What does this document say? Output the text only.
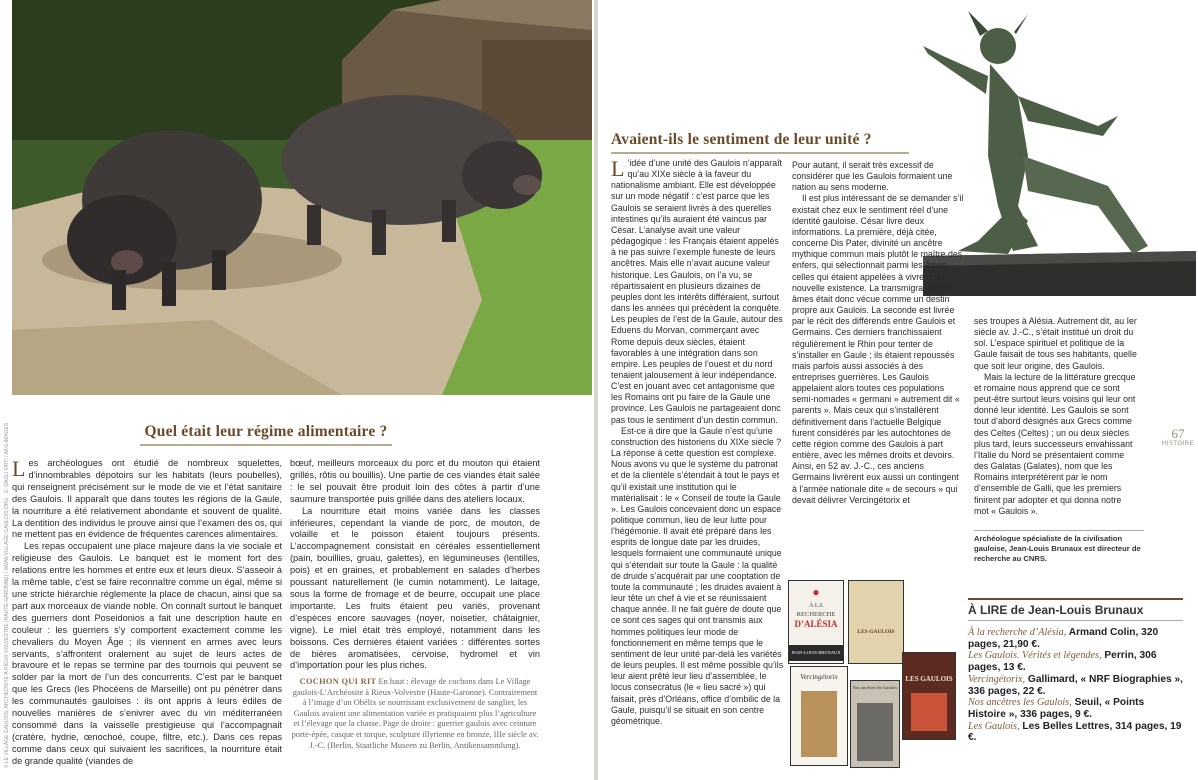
© LE VILLAGE GAULOIS, ARCHÉOSITE À RIEUX-VOLVESTRE (HAUTE-GARONNE) / WWW.VILLAGE-GAULOIS.ORG · G. DAGLI ORTI / AKG-IMAGES	Quel était leur régime alimentaire ?

Les archéologues ont étudié de nombreux squelettes, d’innombrables dépotoirs sur les habitats (leurs poubelles), qui renseignent précisément sur le mode de vie et l’état sanitaire des Gaulois. Il apparaît que dans toutes les régions de la Gaule, la nourriture a été relativement abondante et souvent de qualité. La dentition des individus le prouve ainsi que l’examen des os, qui ne mettent pas en évidence de fréquentes carences alimentaires.

Les repas occupaient une place majeure dans la vie sociale et religieuse des Gaulois. Le banquet est le moment fort des relations entre les hommes et entre eux et leurs dieux. S’asseoir à la même table, c’est se faire reconnaître comme un égal, même si une stricte hiérarchie réglemente la place de chacun, ainsi que sa part aux morceaux de viande noble. On connaît surtout le banquet des guerriers dont Poseidonios a fait une description haute en couleur : les guerriers s’y comportent exactement comme les chevaliers du Moyen Âge ; ils viennent en armes avec leurs servants, s’affrontent oralement au sujet de leurs actes de bravoure et le repas se termine par des tournois qui peuvent se solder par la mort de l’un des concurrents. C’est par le banquet que les Grecs (les Phocéens de Marseille) ont pu pénétrer dans les communautés gauloises : ils ont appris à leurs édiles de nouvelles manières de s’enivrer avec du vin méditerranéen consommé dans la vaisselle prestigieuse qui l’accompagnait (cratère, hydrie, œnochoé, coupe, filtre, etc.). Dans ces repas comme dans ceux qui suivaient les sacrifices, la nourriture était de grande qualité (viandes de

bœuf, meilleurs morceaux du porc et du mouton qui étaient grillés, rôtis ou bouillis). Une partie de ces viandes était salée : le sel pouvait être produit loin des côtes à partir d’une saumure transportée puis grillée dans des ateliers locaux.

La nourriture était moins variée dans les classes inférieures, cependant la viande de porc, de mouton, de volaille et le poisson étaient toujours présents. L’accompagnement consistait en céréales essentiellement (pain, bouillies, gruau, galettes), en légumineuses (lentilles, pois) et en graines, et probablement en salades d’herbes poussant naturellement (le cumin notamment). Le laitage, sous la forme de fromage et de beurre, occupait une place importante. Les fruits étaient peu variés, provenant d’espèces encore sauvages (noyer, noisetier, châtaignier, vigne). Le miel était très employé, notamment dans les boissons. Ces dernières étaient variées : différentes sortes de bières aromatisées, cervoise, hydromel et vin d’importation pour les plus riches.

COCHON QUI RIT En haut : élevage de cochons dans Le Village gaulois-L’Archéosite à Rieux-Volvestre (Haute-Garonne). Contrairement à l’image d’un Obélix se nourrissant exclusivement de sanglier, les Gaulois avaient une alimentation variée et pratiquaient plus l’agriculture et l’élevage que la chasse. Page de droite : guerrier gaulois avec ceinture porte-épée, casque et torque, sculpture illyrienne en bronze, IIIe siècle av. J.-C. (Berlin, Staatliche Museen zu Berlin, Antikensammlung).
Avaient-ils le sentiment de leur unité ?

L ’idée d’une unité des Gaulois n’apparaît qu’au XIXe siècle à la faveur du nationalisme ambiant. Elle est développée sur un mode négatif : c’est parce que les Gaulois se seraient livrés à des querelles intestines qu’ils auraient été vaincus par César. L’analyse avait une valeur pédagogique : les Français étaient appelés à ne pas suivre l’exemple funeste de leurs ancêtres. Mais elle n’avait aucune valeur historique. Les Gaulois, on l’a vu, se répartissaient en plusieurs dizaines de peuples dont les intérêts différaient, surtout dans les années qui précèdent la conquête. Les peuples de l’est de la Gaule, autour des Eduens du Morvan, commerçant avec Rome depuis deux siècles, étaient favorables à une intégration dans son empire. Les peuples de l’ouest et du nord tenaient jalousement à leur indépendance. C’est en jouant avec cet antagonisme que les Romains ont pu faire de la Gaule une province. Les Gaulois ne partageaient donc pas tous le sentiment d’un destin commun.

Est-ce à dire que la Gaule n’est qu’une construction des historiens du XIXe siècle ? La réponse à cette question est complexe. Nous avons vu que le système du patronat et de la clientèle s’étendait à tout le pays et qu’il existait une institution qui le matérialisait : le « Conseil de toute la Gaule ». Les Gaulois concevaient donc un espace politique commun, lieu de leur lutte pour l’hégémonie. Il avait été préparé dans les esprits de longue date par les druides, lesquels formaient une communauté unique qui s’étendait sur toute la Gaule : la qualité de druide s’acquérait par une cooptation de toute la communauté ; les druides avaient à leur tête un chef à vie et se réunissaient chaque année. Il ne fait guère de doute que ce sont ces sages qui ont transmis aux hommes politiques leur mode de fonctionnement en même temps que le sentiment de leur unité par-delà les variétés de leurs peuples. Il est même possible qu’ils leur aient prêté leur lieu d’assemblée, le locus consecratus (le « lieu sacré ») qui faisait, près d’Orléans, office d’ombilic de la Gaule, puisqu’il se situait en son centre géométrique.

Pour autant, il serait très excessif de considérer que les Gaulois formaient une nation au sens moderne.

Il est plus intéressant de se demander s’il existait chez eux le sentiment réel d’une identité gauloise. César livre deux informations. La première, déjà citée, concerne Dis Pater, divinité un ancêtre mythique commun mais plutôt le maître des enfers, qui sélectionnait parmi les âmes celles qui étaient appelées à vivre une nouvelle existence. La transmigration des âmes était donc vécue comme un destin propre aux Gaulois. La seconde est livrée par le récit des différends entre Gaulois et Germains. Ces derniers franchissaient régulièrement le Rhin pour tenter de s’installer en Gaule ; ils étaient repoussés mais parfois aussi associés à des entreprises guerrières. Les Gaulois appelaient alors toutes ces populations semi-nomades « germani » autrement dit « parents ». Mais ceux qui s’installèrent définitivement dans l’actuelle Belgique furent considérés par les autochtones de cette région comme des Gaulois à part entière, avec les mêmes droits et devoirs. Ainsi, en 52 av. J.-C., ces anciens Germains livrèrent eux aussi un contingent à l’armée nationale dite « de secours » qui devait délivrer Vercingétorix et

ses troupes à Alésia. Autrement dit, au Ier siècle av. J.-C., s’était institué un droit du sol. L’espace spirituel et politique de la Gaule faisait de tous ses habitants, quelle que soit leur origine, des Gaulois.

Mais la lecture de la littérature grecque et romaine nous apprend que ce sont peut-être surtout leurs voisins qui leur ont donné leur identité. Les Gaulois se sont tout d’abord désignés aux Grecs comme des Celtes (Celtes) ; un ou deux siècles plus tard, leurs successeurs envahissant l’Italie du Nord se présentaient comme des Galatas (Galates), nom que les Romains interprétèrent par le nom d’ensemble de Galli, que les premiers finirent par adopter et qui donna notre mot « Gaulois ».

67
HISTOIRE
Archéologue spécialiste de la civilisation gauloise, Jean-Louis Brunaux est directeur de recherche au CNRS.
●
À LA
RECHERCHE
D’ALÉSIA
JEAN-LOUIS BRUNAUX
LES GAULOIS
Vercingétorix
Nos ancêtres les Gaulois
LES GAULOIS
À LIRE de Jean-Louis Brunaux
À la recherche d’Alésia, Armand Colin, 320 pages, 21,90 €.
Les Gaulois. Vérités et légendes, Perrin, 306 pages, 13 €.
Vercingétorix, Gallimard, « NRF Biographies », 336 pages, 22 €.
Nos ancêtres les Gaulois, Seuil, « Points Histoire », 336 pages, 9 €.
Les Gaulois, Les Belles Lettres, 314 pages, 19 €.
